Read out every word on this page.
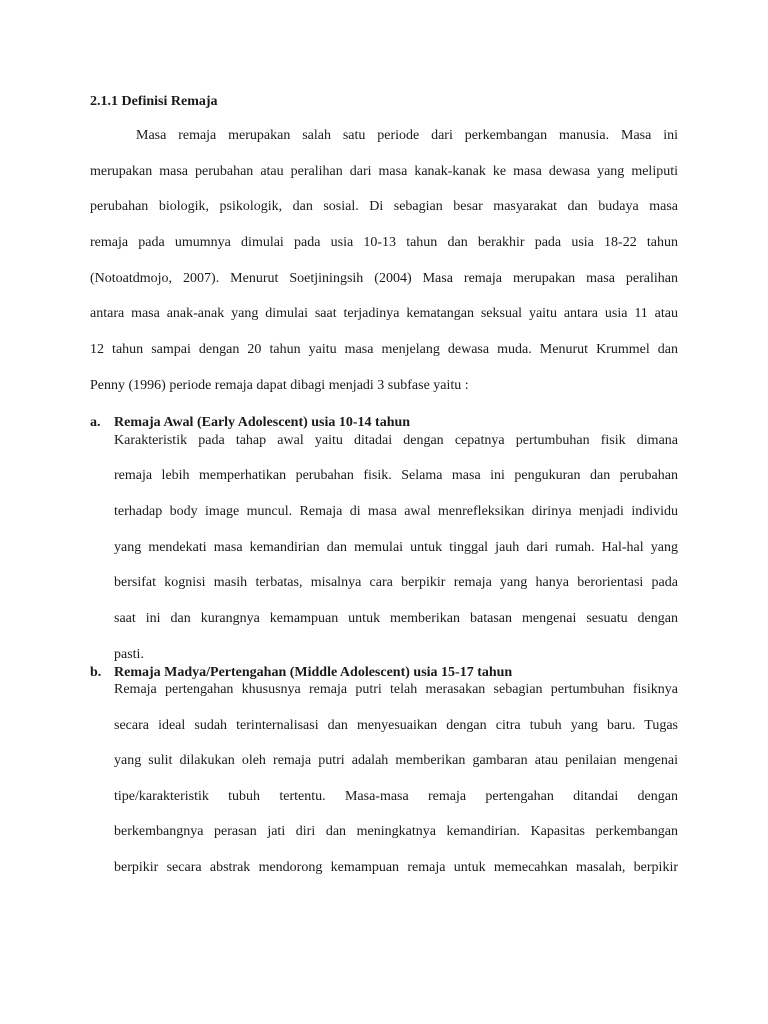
2.1.1 Definisi Remaja
Masa remaja merupakan salah satu periode dari perkembangan manusia. Masa ini
merupakan masa perubahan atau peralihan dari masa kanak-kanak ke masa dewasa yang meliputi
perubahan biologik, psikologik, dan sosial. Di sebagian besar masyarakat dan budaya masa
remaja pada umumnya dimulai pada usia 10-13 tahun dan berakhir pada usia 18-22 tahun
(Notoatdmojo, 2007). Menurut Soetjiningsih (2004) Masa remaja merupakan masa peralihan
antara masa anak-anak yang dimulai saat terjadinya kematangan seksual yaitu antara usia 11 atau
12 tahun sampai dengan 20 tahun yaitu masa menjelang dewasa muda. Menurut Krummel dan
Penny (1996) periode remaja dapat dibagi menjadi 3 subfase yaitu :
a. Remaja Awal (Early Adolescent) usia 10-14 tahun
Karakteristik pada tahap awal yaitu ditadai dengan cepatnya pertumbuhan fisik dimana
remaja lebih memperhatikan perubahan fisik. Selama masa ini pengukuran dan perubahan
terhadap body image muncul. Remaja di masa awal menrefleksikan dirinya menjadi individu
yang mendekati masa kemandirian dan memulai untuk tinggal jauh dari rumah. Hal-hal yang
bersifat kognisi masih terbatas, misalnya cara berpikir remaja yang hanya berorientasi pada
saat ini dan kurangnya kemampuan untuk memberikan batasan mengenai sesuatu dengan
pasti.
b. Remaja Madya/Pertengahan (Middle Adolescent) usia 15-17 tahun
Remaja pertengahan khususnya remaja putri telah merasakan sebagian pertumbuhan fisiknya
secara ideal sudah terinternalisasi dan menyesuaikan dengan citra tubuh yang baru. Tugas
yang sulit dilakukan oleh remaja putri adalah memberikan gambaran atau penilaian mengenai
tipe/karakteristik tubuh tertentu. Masa-masa remaja pertengahan ditandai dengan
berkembangnya perasan jati diri dan meningkatnya kemandirian. Kapasitas perkembangan
berpikir secara abstrak mendorong kemampuan remaja untuk memecahkan masalah, berpikir
